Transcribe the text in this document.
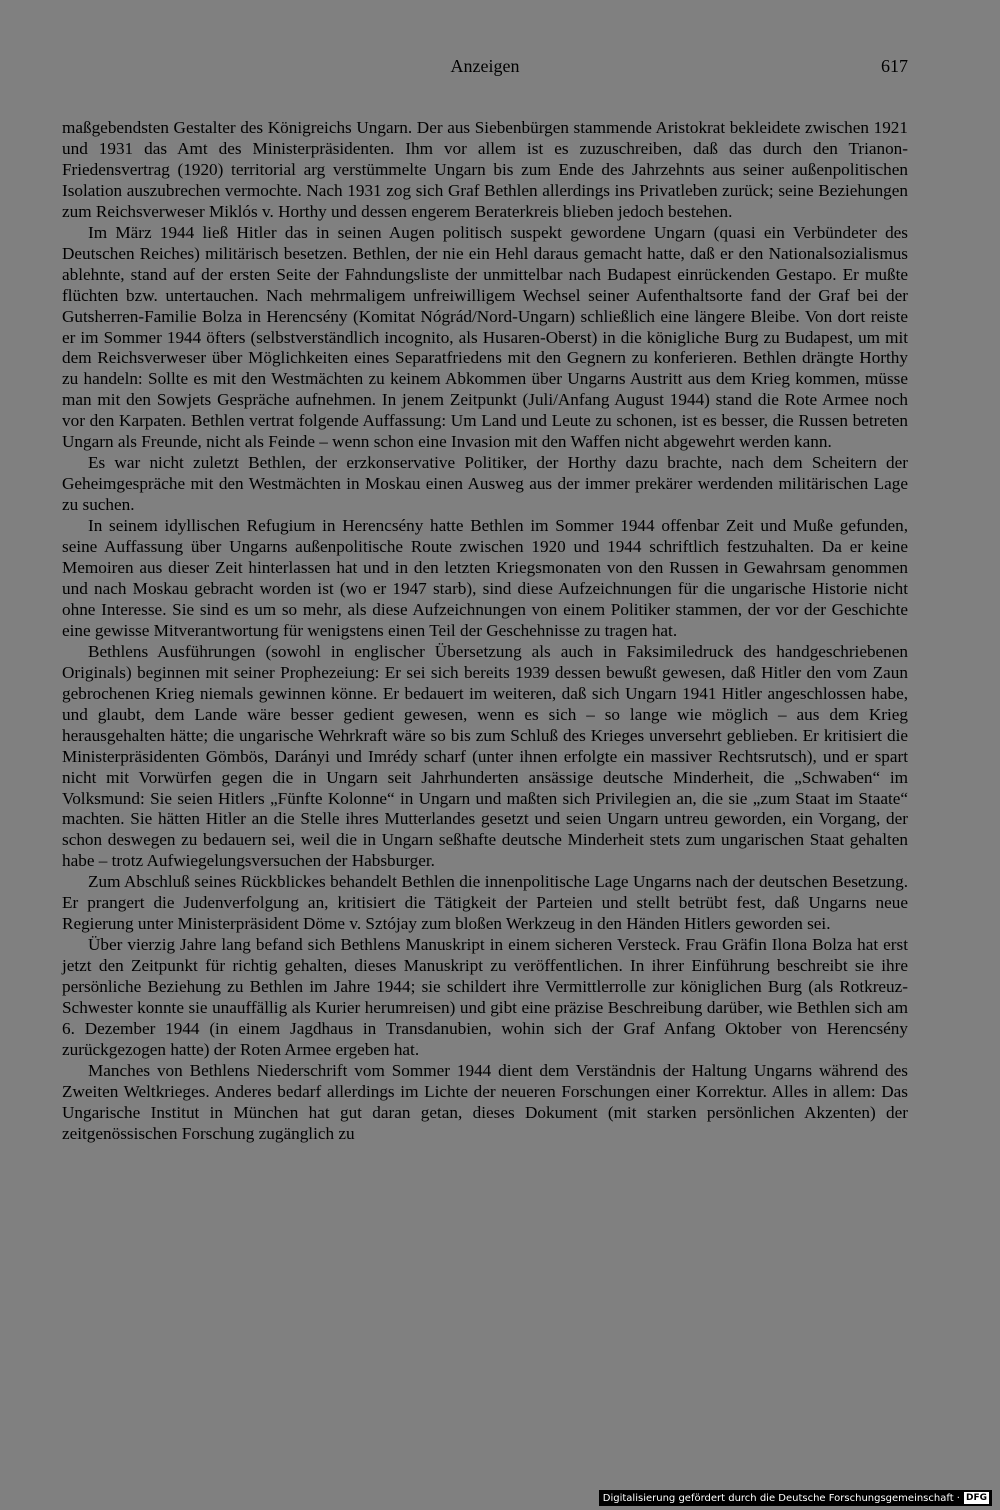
Anzeigen	617

maßgebendsten Gestalter des Königreichs Ungarn. Der aus Siebenbürgen stammende Aristokrat bekleidete zwischen 1921 und 1931 das Amt des Ministerpräsidenten. Ihm vor allem ist es zuzuschreiben, daß das durch den Trianon-Friedensvertrag (1920) territorial arg verstümmelte Ungarn bis zum Ende des Jahrzehnts aus seiner außenpolitischen Isolation auszubrechen vermochte. Nach 1931 zog sich Graf Bethlen allerdings ins Privatleben zurück; seine Beziehungen zum Reichsverweser Miklós v. Horthy und dessen engerem Beraterkreis blieben jedoch bestehen.

Im März 1944 ließ Hitler das in seinen Augen politisch suspekt gewordene Ungarn (quasi ein Verbündeter des Deutschen Reiches) militärisch besetzen. Bethlen, der nie ein Hehl daraus gemacht hatte, daß er den Nationalsozialismus ablehnte, stand auf der ersten Seite der Fahndungsliste der unmittelbar nach Budapest einrückenden Gestapo. Er mußte flüchten bzw. untertauchen. Nach mehrmaligem unfreiwilligem Wechsel seiner Aufenthaltsorte fand der Graf bei der Gutsherren-Familie Bolza in Herencsény (Komitat Nógrád/Nord-Ungarn) schließlich eine längere Bleibe. Von dort reiste er im Sommer 1944 öfters (selbstverständlich incognito, als Husaren-Oberst) in die königliche Burg zu Budapest, um mit dem Reichsverweser über Möglichkeiten eines Separatfriedens mit den Gegnern zu konferieren. Bethlen drängte Horthy zu handeln: Sollte es mit den Westmächten zu keinem Abkommen über Ungarns Austritt aus dem Krieg kommen, müsse man mit den Sowjets Gespräche aufnehmen. In jenem Zeitpunkt (Juli/Anfang August 1944) stand die Rote Armee noch vor den Karpaten. Bethlen vertrat folgende Auffassung: Um Land und Leute zu schonen, ist es besser, die Russen betreten Ungarn als Freunde, nicht als Feinde – wenn schon eine Invasion mit den Waffen nicht abgewehrt werden kann.

Es war nicht zuletzt Bethlen, der erzkonservative Politiker, der Horthy dazu brachte, nach dem Scheitern der Geheimgespräche mit den Westmächten in Moskau einen Ausweg aus der immer prekärer werdenden militärischen Lage zu suchen.

In seinem idyllischen Refugium in Herencsény hatte Bethlen im Sommer 1944 offenbar Zeit und Muße gefunden, seine Auffassung über Ungarns außenpolitische Route zwischen 1920 und 1944 schriftlich festzuhalten. Da er keine Memoiren aus dieser Zeit hinterlassen hat und in den letzten Kriegsmonaten von den Russen in Gewahrsam genommen und nach Moskau gebracht worden ist (wo er 1947 starb), sind diese Aufzeichnungen für die ungarische Historie nicht ohne Interesse. Sie sind es um so mehr, als diese Aufzeichnungen von einem Politiker stammen, der vor der Geschichte eine gewisse Mitverantwortung für wenigstens einen Teil der Geschehnisse zu tragen hat.

Bethlens Ausführungen (sowohl in englischer Übersetzung als auch in Faksimiledruck des handgeschriebenen Originals) beginnen mit seiner Prophezeiung: Er sei sich bereits 1939 dessen bewußt gewesen, daß Hitler den vom Zaun gebrochenen Krieg niemals gewinnen könne. Er bedauert im weiteren, daß sich Ungarn 1941 Hitler angeschlossen habe, und glaubt, dem Lande wäre besser gedient gewesen, wenn es sich – so lange wie möglich – aus dem Krieg herausgehalten hätte; die ungarische Wehrkraft wäre so bis zum Schluß des Krieges unversehrt geblieben. Er kritisiert die Ministerpräsidenten Gömbös, Darányi und Imrédy scharf (unter ihnen erfolgte ein massiver Rechtsrutsch), und er spart nicht mit Vorwürfen gegen die in Ungarn seit Jahrhunderten ansässige deutsche Minderheit, die „Schwaben“ im Volksmund: Sie seien Hitlers „Fünfte Kolonne“ in Ungarn und maßten sich Privilegien an, die sie „zum Staat im Staate“ machten. Sie hätten Hitler an die Stelle ihres Mutterlandes gesetzt und seien Ungarn untreu geworden, ein Vorgang, der schon deswegen zu bedauern sei, weil die in Ungarn seßhafte deutsche Minderheit stets zum ungarischen Staat gehalten habe – trotz Aufwiegelungsversuchen der Habsburger.

Zum Abschluß seines Rückblickes behandelt Bethlen die innenpolitische Lage Ungarns nach der deutschen Besetzung. Er prangert die Judenverfolgung an, kritisiert die Tätigkeit der Parteien und stellt betrübt fest, daß Ungarns neue Regierung unter Ministerpräsident Döme v. Sztójay zum bloßen Werkzeug in den Händen Hitlers geworden sei.

Über vierzig Jahre lang befand sich Bethlens Manuskript in einem sicheren Versteck. Frau Gräfin Ilona Bolza hat erst jetzt den Zeitpunkt für richtig gehalten, dieses Manuskript zu veröffentlichen. In ihrer Einführung beschreibt sie ihre persönliche Beziehung zu Bethlen im Jahre 1944; sie schildert ihre Vermittlerrolle zur königlichen Burg (als Rotkreuz-Schwester konnte sie unauffällig als Kurier herumreisen) und gibt eine präzise Beschreibung darüber, wie Bethlen sich am 6. Dezember 1944 (in einem Jagdhaus in Transdanubien, wohin sich der Graf Anfang Oktober von Herencsény zurückgezogen hatte) der Roten Armee ergeben hat.

Manches von Bethlens Niederschrift vom Sommer 1944 dient dem Verständnis der Haltung Ungarns während des Zweiten Weltkrieges. Anderes bedarf allerdings im Lichte der neueren Forschungen einer Korrektur. Alles in allem: Das Ungarische Institut in München hat gut daran getan, dieses Dokument (mit starken persönlichen Akzenten) der zeitgenössischen Forschung zugänglich zu

Digitalisierung gefördert durch die Deutsche Forschungsgemeinschaft · DFG
